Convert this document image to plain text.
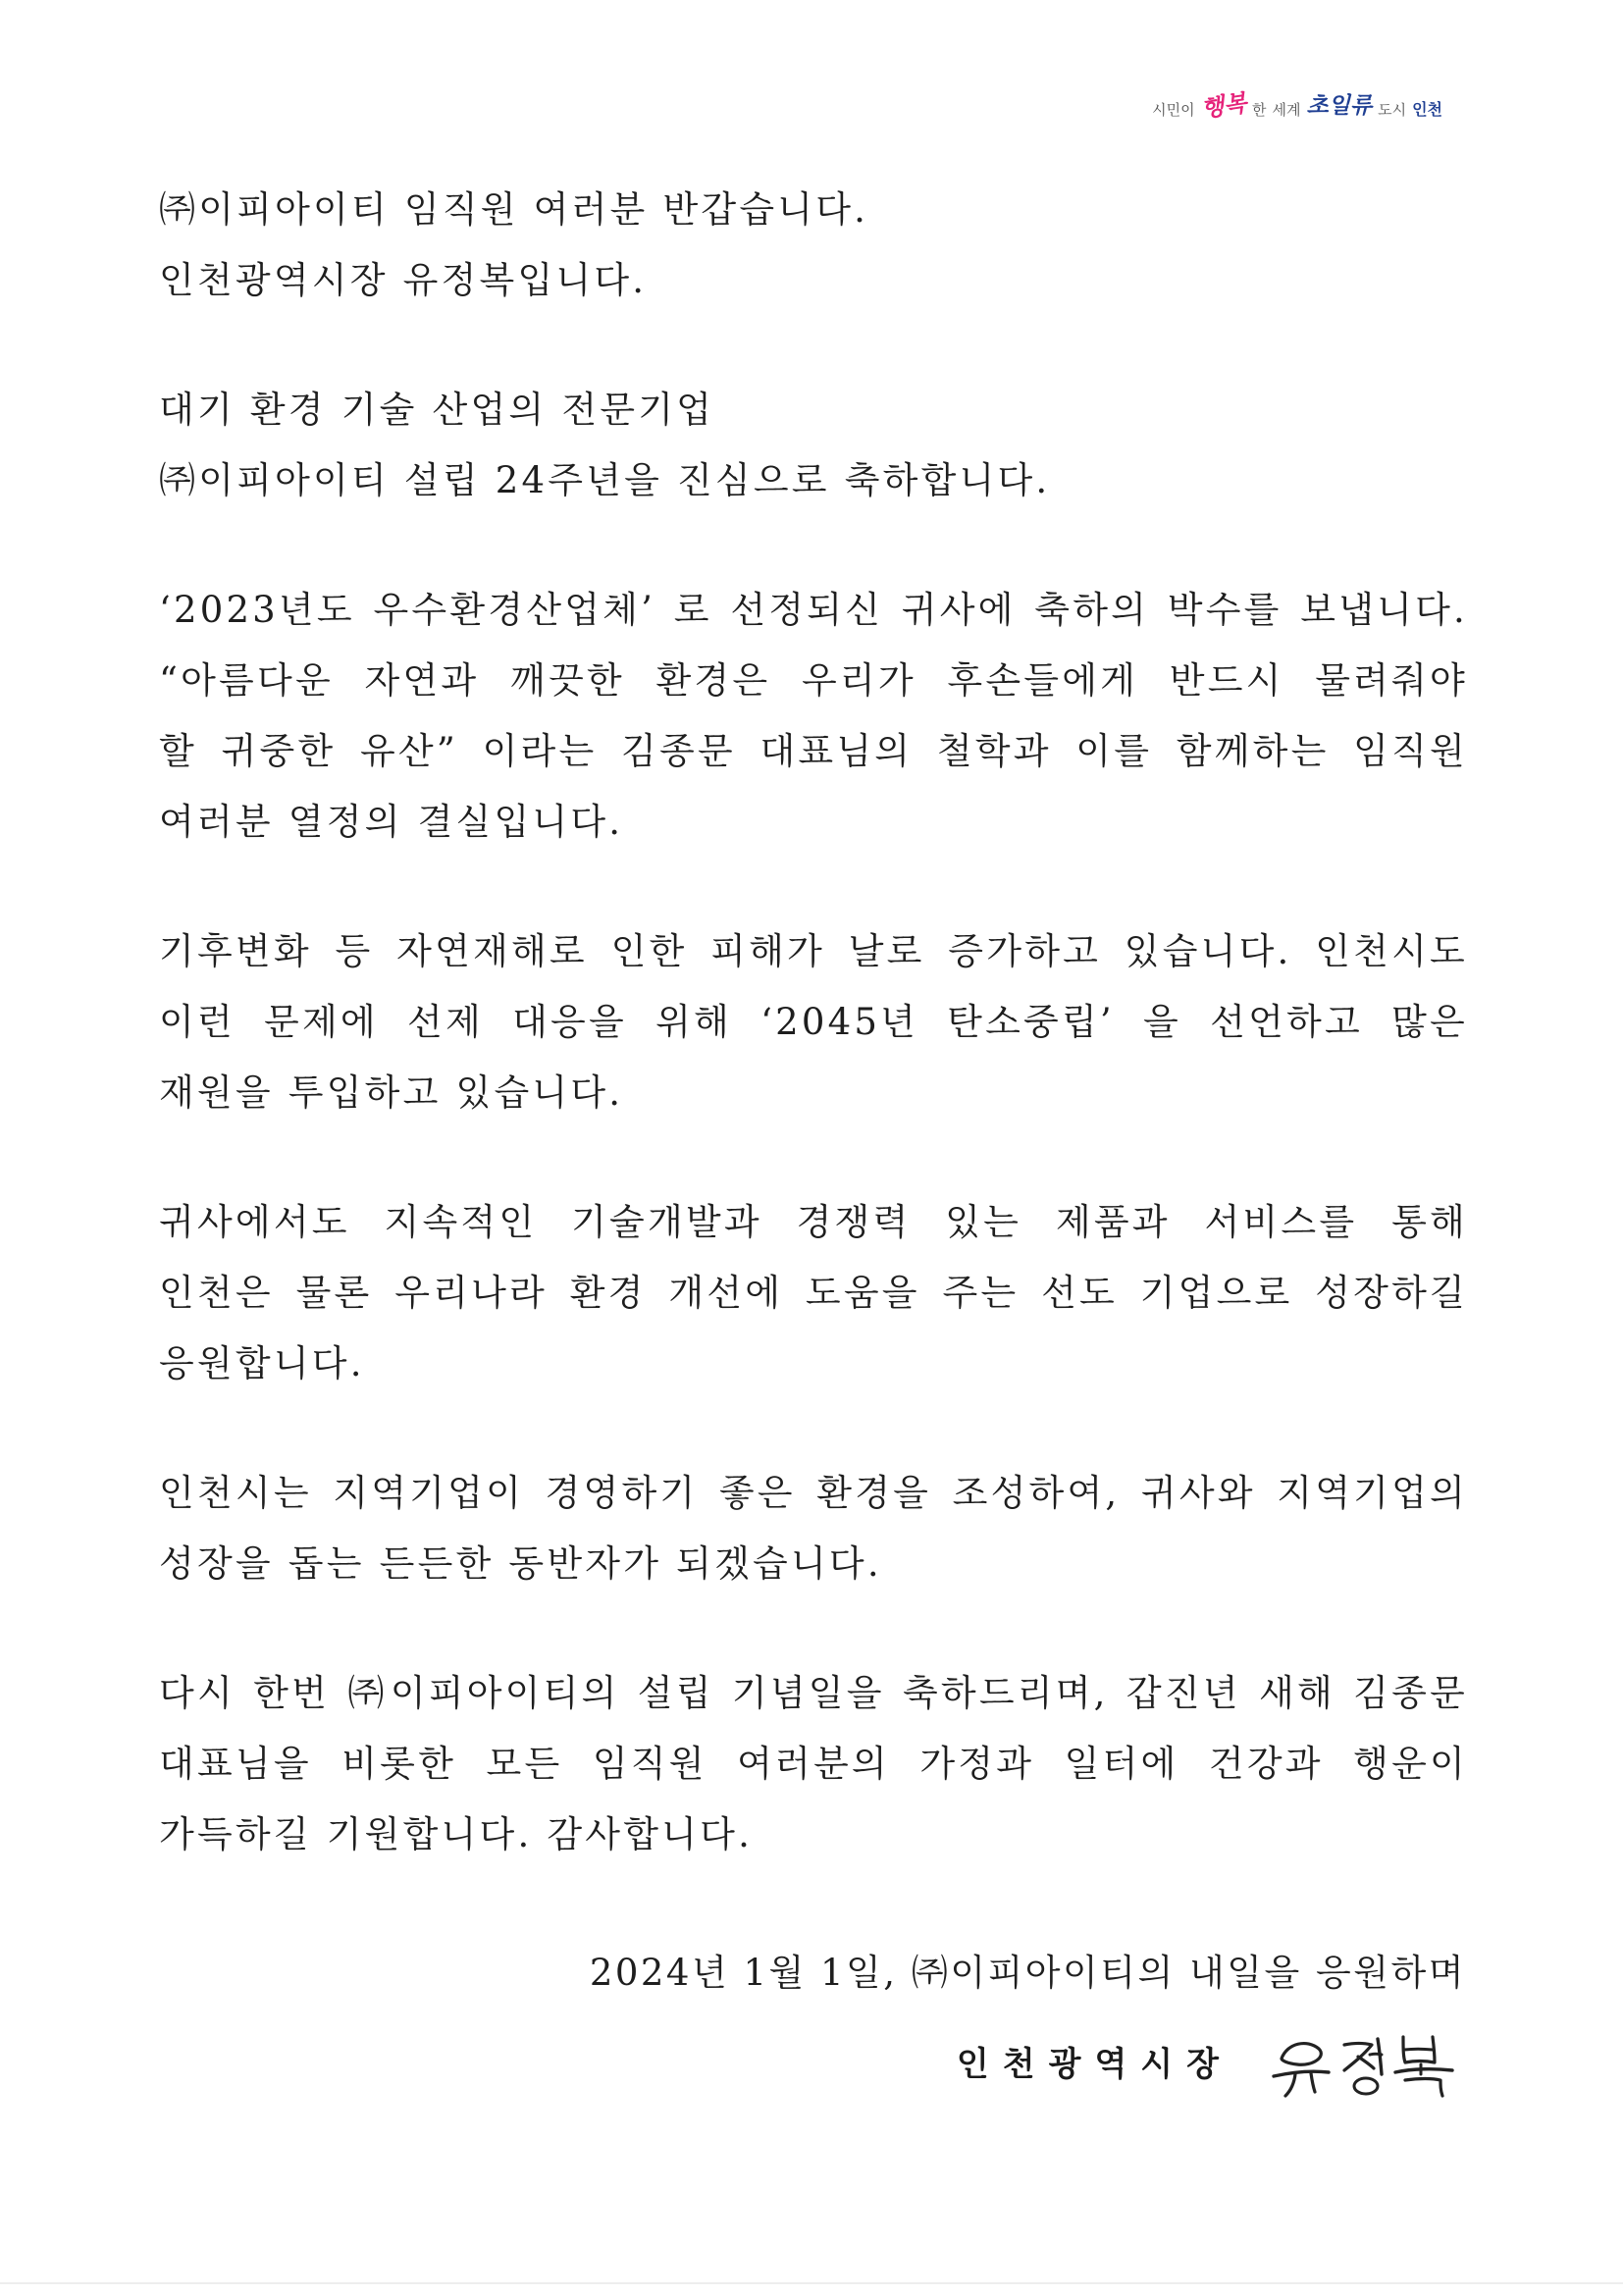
시민이 행복 한 세계 초일류 도시 인천
㈜이피아이티 임직원 여러분 반갑습니다.
인천광역시장 유정복입니다.
대기 환경 기술 산업의 전문기업
㈜이피아이티 설립 24주년을 진심으로 축하합니다.
‘2023년도 우수환경산업체’ 로 선정되신 귀사에 축하의 박수를 보냅니다.
“아름다운 자연과 깨끗한 환경은 우리가 후손들에게 반드시 물려줘야
할 귀중한 유산” 이라는 김종문 대표님의 철학과 이를 함께하는 임직원
여러분 열정의 결실입니다.
기후변화 등 자연재해로 인한 피해가 날로 증가하고 있습니다. 인천시도
이런 문제에 선제 대응을 위해 ‘2045년 탄소중립’ 을 선언하고 많은
재원을 투입하고 있습니다.
귀사에서도 지속적인 기술개발과 경쟁력 있는 제품과 서비스를 통해
인천은 물론 우리나라 환경 개선에 도움을 주는 선도 기업으로 성장하길
응원합니다.
인천시는 지역기업이 경영하기 좋은 환경을 조성하여, 귀사와 지역기업의
성장을 돕는 든든한 동반자가 되겠습니다.
다시 한번 ㈜이피아이티의 설립 기념일을 축하드리며, 갑진년 새해 김종문
대표님을 비롯한 모든 임직원 여러분의 가정과 일터에 건강과 행운이
가득하길 기원합니다. 감사합니다.
2024년 1월 1일, ㈜이피아이티의 내일을 응원하며
인천광역시장
